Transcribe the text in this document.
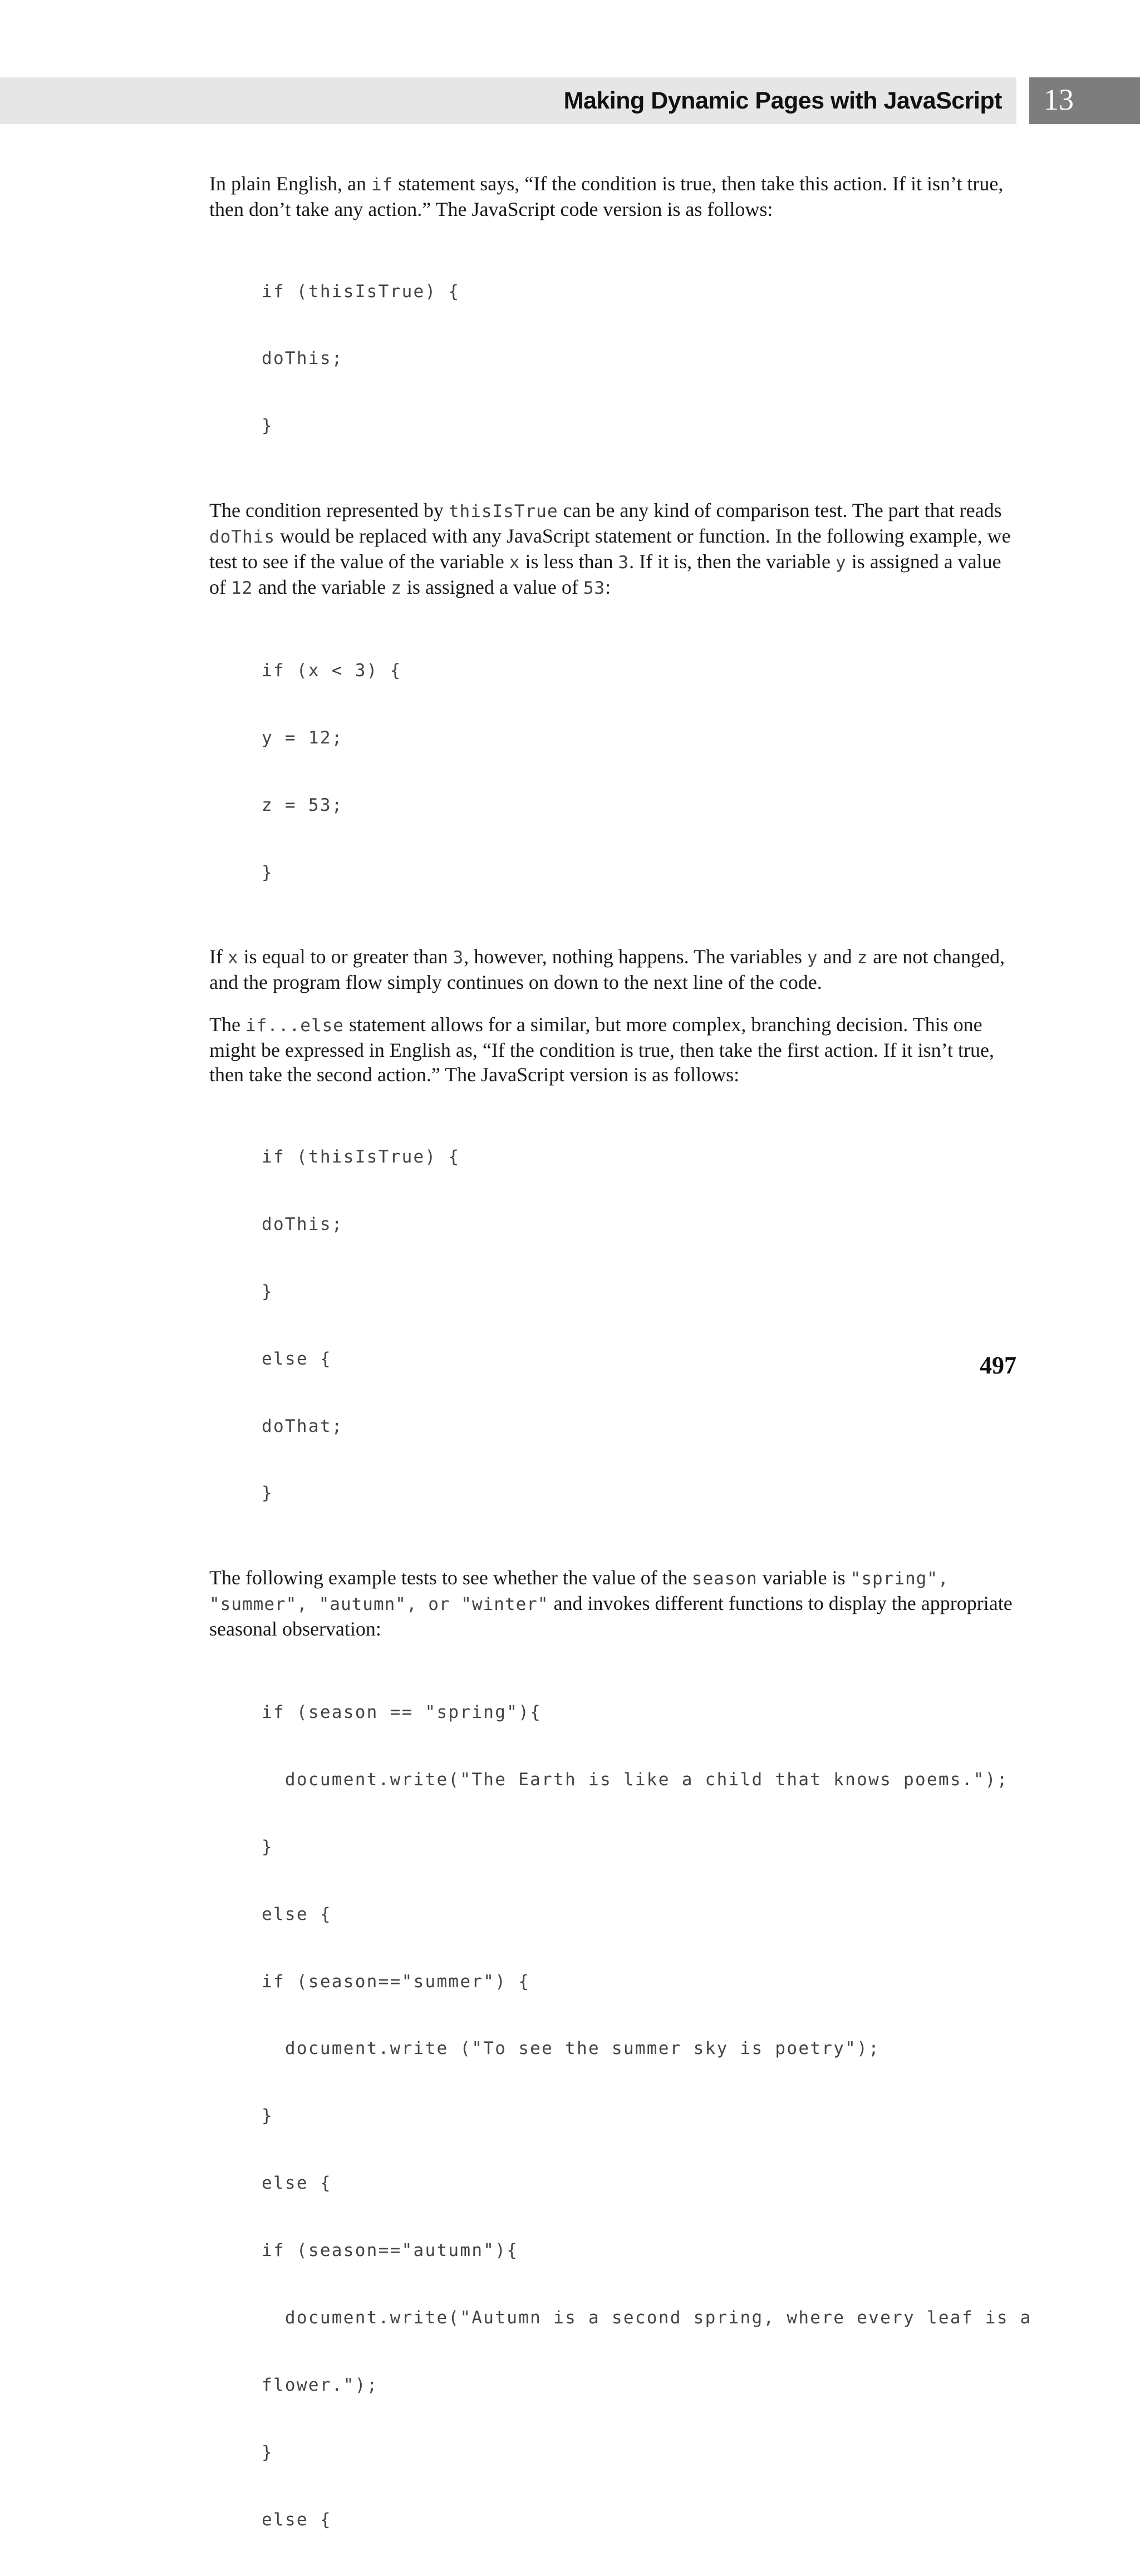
Making Dynamic Pages with JavaScript 13

In plain English, an if statement says, “If the condition is true, then take this action. If it isn’t true, then don’t take any action.” The JavaScript code version is as follows:

if (thisIsTrue) {

doThis;

}

The condition represented by thisIsTrue can be any kind of comparison test. The part that reads doThis would be replaced with any JavaScript statement or function. In the following example, we test to see if the value of the variable x is less than 3. If it is, then the variable y is assigned a value of 12 and the variable z is assigned a value of 53:

if (x < 3) {

y = 12;

z = 53;

}

If x is equal to or greater than 3, however, nothing happens. The variables y and z are not changed, and the program flow simply continues on down to the next line of the code.

The if...else statement allows for a similar, but more complex, branching decision. This one might be expressed in English as, “If the condition is true, then take the first action. If it isn’t true, then take the second action.” The JavaScript version is as follows:

if (thisIsTrue) {

doThis;

}

else {

doThat;

}

The following example tests to see whether the value of the season variable is "spring", "summer", "autumn", or "winter" and invokes different functions to display the appropriate seasonal observation:

if (season == "spring"){

document.write("The Earth is like a child that knows poems.");

}

else {

if (season=="summer") {

document.write ("To see the summer sky is poetry");

}

else {

if (season=="autumn"){

document.write("Autumn is a second spring, where every leaf is a

flower.");

}

else {

497
